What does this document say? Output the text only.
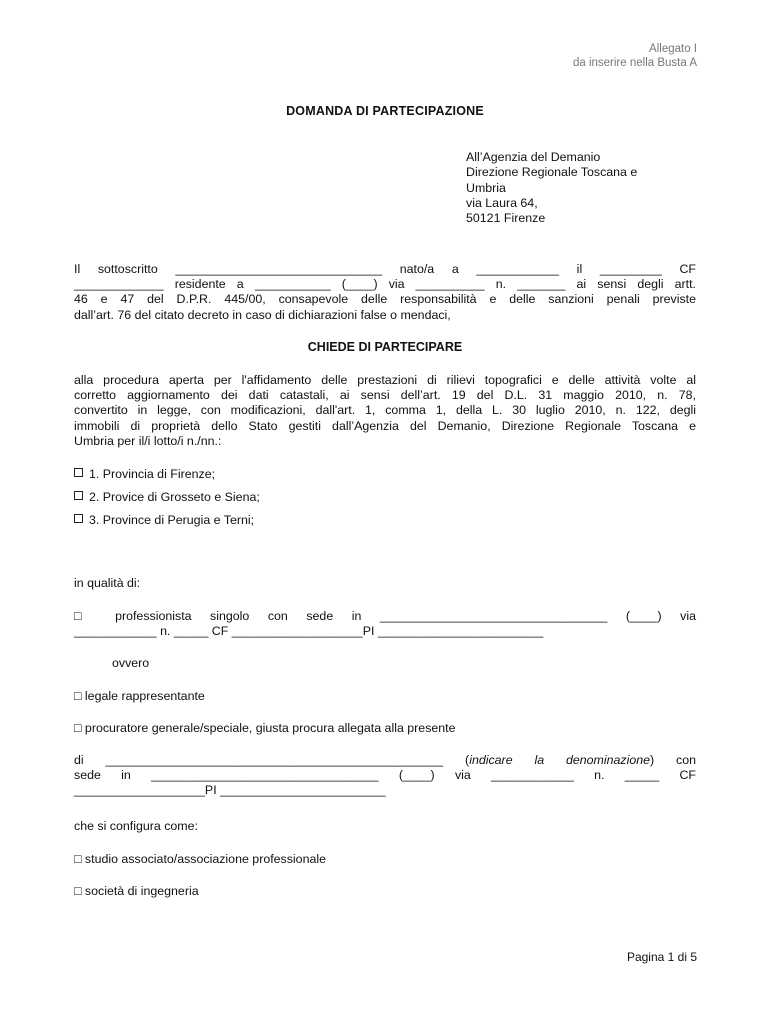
Allegato I
da inserire nella Busta A
DOMANDA DI PARTECIPAZIONE
All’Agenzia del Demanio
Direzione Regionale Toscana e
Umbria
via Laura 64,
50121 Firenze
Il sottoscritto ______________________________ nato/a a ____________ il _________ CF
_____________ residente a ___________ (____) via __________ n. _______ ai sensi degli artt.
46 e 47 del D.P.R. 445/00, consapevole delle responsabilità e delle sanzioni penali previste
dall’art. 76 del citato decreto in caso di dichiarazioni false o mendaci,
CHIEDE DI PARTECIPARE
alla procedura aperta per l'affidamento delle prestazioni di rilievi topografici e delle attività volte al
corretto aggiornamento dei dati catastali, ai sensi dell’art. 19 del D.L. 31 maggio 2010, n. 78,
convertito in legge, con modificazioni, dall'art. 1, comma 1, della L. 30 luglio 2010, n. 122, degli
immobili di proprietà dello Stato gestiti dall’Agenzia del Demanio, Direzione Regionale Toscana e
Umbria per il/i lotto/i n./nn.:
1. Provincia di Firenze;
2. Provice di Grosseto e Siena;
3. Province di Perugia e Terni;
in qualità di:
□ professionista singolo con sede in _________________________________ (____) via
____________ n. _____ CF ___________________PI ________________________
ovvero
□ legale rappresentante
□ procuratore generale/speciale, giusta procura allegata alla presente
di _________________________________________________ (indicare la denominazione) con
sede in _________________________________ (____) via ____________ n. _____ CF
___________________PI ________________________
che si configura come:
□ studio associato/associazione professionale
□ società di ingegneria
Pagina 1 di 5
